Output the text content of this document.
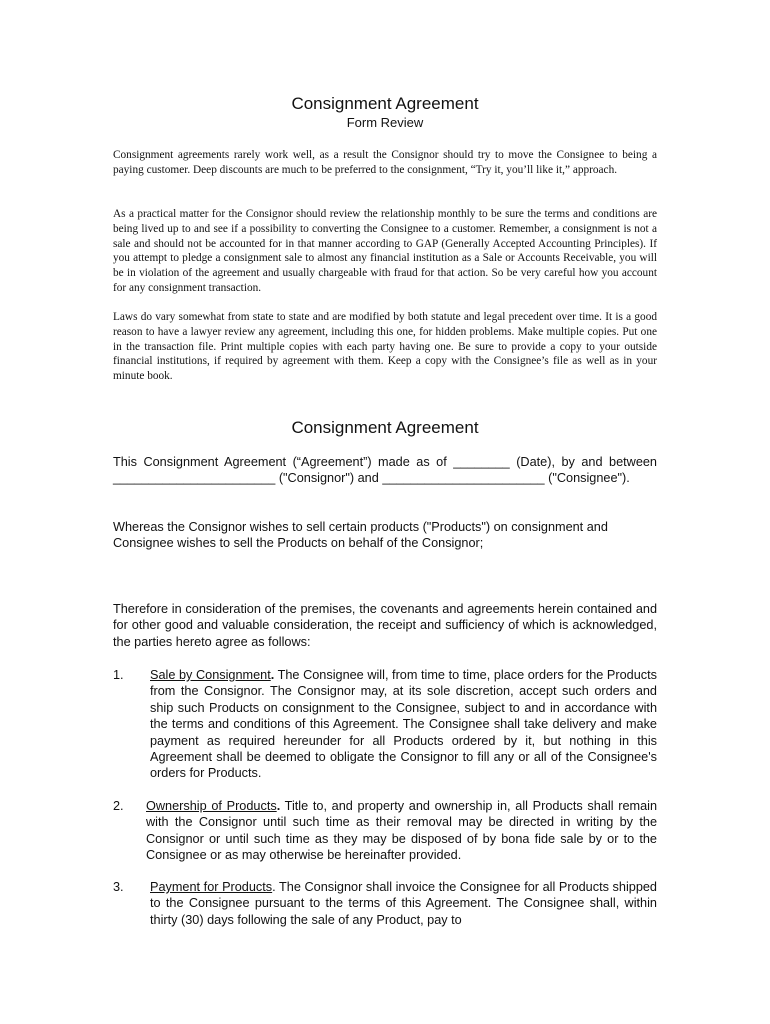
Consignment Agreement
Form Review

Consignment agreements rarely work well, as a result the Consignor should try to move the Consignee to being a paying customer. Deep discounts are much to be preferred to the consignment, “Try it, you’ll like it,” approach.

As a practical matter for the Consignor should review the relationship monthly to be sure the terms and conditions are being lived up to and see if a possibility to converting the Consignee to a customer. Remember, a consignment is not a sale and should not be accounted for in that manner according to GAP (Generally Accepted Accounting Principles). If you attempt to pledge a consignment sale to almost any financial institution as a Sale or Accounts Receivable, you will be in violation of the agreement and usually chargeable with fraud for that action. So be very careful how you account for any consignment transaction.

Laws do vary somewhat from state to state and are modified by both statute and legal precedent over time. It is a good reason to have a lawyer review any agreement, including this one, for hidden problems. Make multiple copies. Put one in the transaction file. Print multiple copies with each party having one. Be sure to provide a copy to your outside financial institutions, if required by agreement with them. Keep a copy with the Consignee’s file as well as in your minute book.

Consignment Agreement

This Consignment Agreement (“Agreement”) made as of ________ (Date), by and between _______________________ ("Consignor") and _______________________ ("Consignee").

Whereas the Consignor wishes to sell certain products ("Products") on consignment and Consignee wishes to sell the Products on behalf of the Consignor;

Therefore in consideration of the premises, the covenants and agreements herein contained and for other good and valuable consideration, the receipt and sufficiency of which is acknowledged, the parties hereto agree as follows:

1. Sale by Consignment. The Consignee will, from time to time, place orders for the Products from the Consignor. The Consignor may, at its sole discretion, accept such orders and ship such Products on consignment to the Consignee, subject to and in accordance with the terms and conditions of this Agreement. The Consignee shall take delivery and make payment as required hereunder for all Products ordered by it, but nothing in this Agreement shall be deemed to obligate the Consignor to fill any or all of the Consignee's orders for Products.

2. Ownership of Products. Title to, and property and ownership in, all Products shall remain with the Consignor until such time as their removal may be directed in writing by the Consignor or until such time as they may be disposed of by bona fide sale by or to the Consignee or as may otherwise be hereinafter provided.

3. Payment for Products. The Consignor shall invoice the Consignee for all Products shipped to the Consignee pursuant to the terms of this Agreement. The Consignee shall, within thirty (30) days following the sale of any Product, pay to
